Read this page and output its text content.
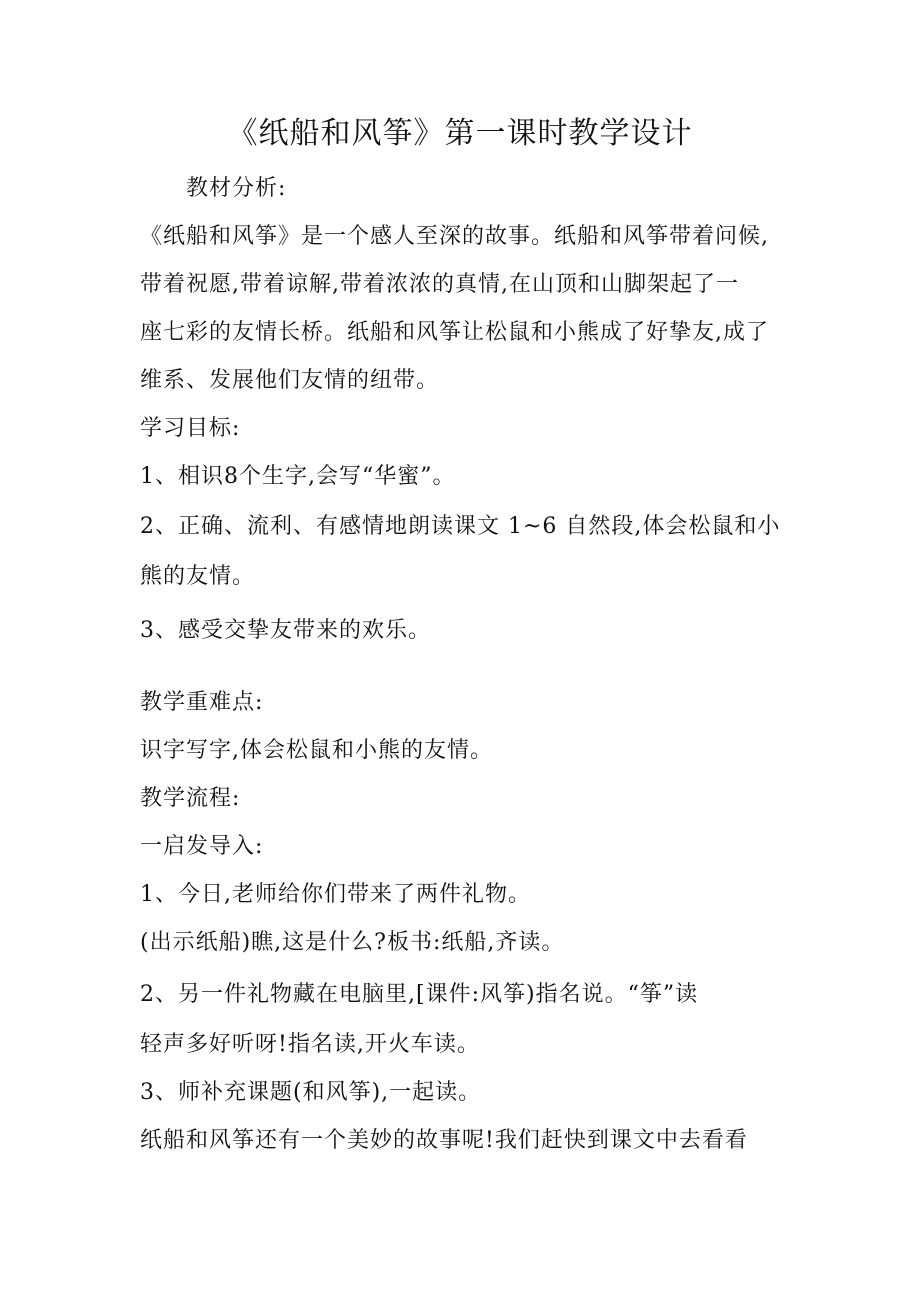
《纸船和风筝》第一课时教学设计
教材分析:
《纸船和风筝》是一个感人至深的故事。纸船和风筝带着问候,
带着祝愿,带着谅解,带着浓浓的真情,在山顶和山脚架起了一
座七彩的友情长桥。纸船和风筝让松鼠和小熊成了好挚友,成了
维系、发展他们友情的纽带。
学习目标:
1、相识8个生字,会写“华蜜”。
2、正确、流利、有感情地朗读课文 1~6 自然段,体会松鼠和小
熊的友情。
3、感受交挚友带来的欢乐。
教学重难点:
识字写字,体会松鼠和小熊的友情。
教学流程:
一启发导入:
1、今日,老师给你们带来了两件礼物。
(出示纸船)瞧,这是什么?板书:纸船,齐读。
2、另一件礼物藏在电脑里,[课件:风筝)指名说。“筝”读
轻声多好听呀!指名读,开火车读。
3、师补充课题(和风筝),一起读。
纸船和风筝还有一个美妙的故事呢!我们赶快到课文中去看看
